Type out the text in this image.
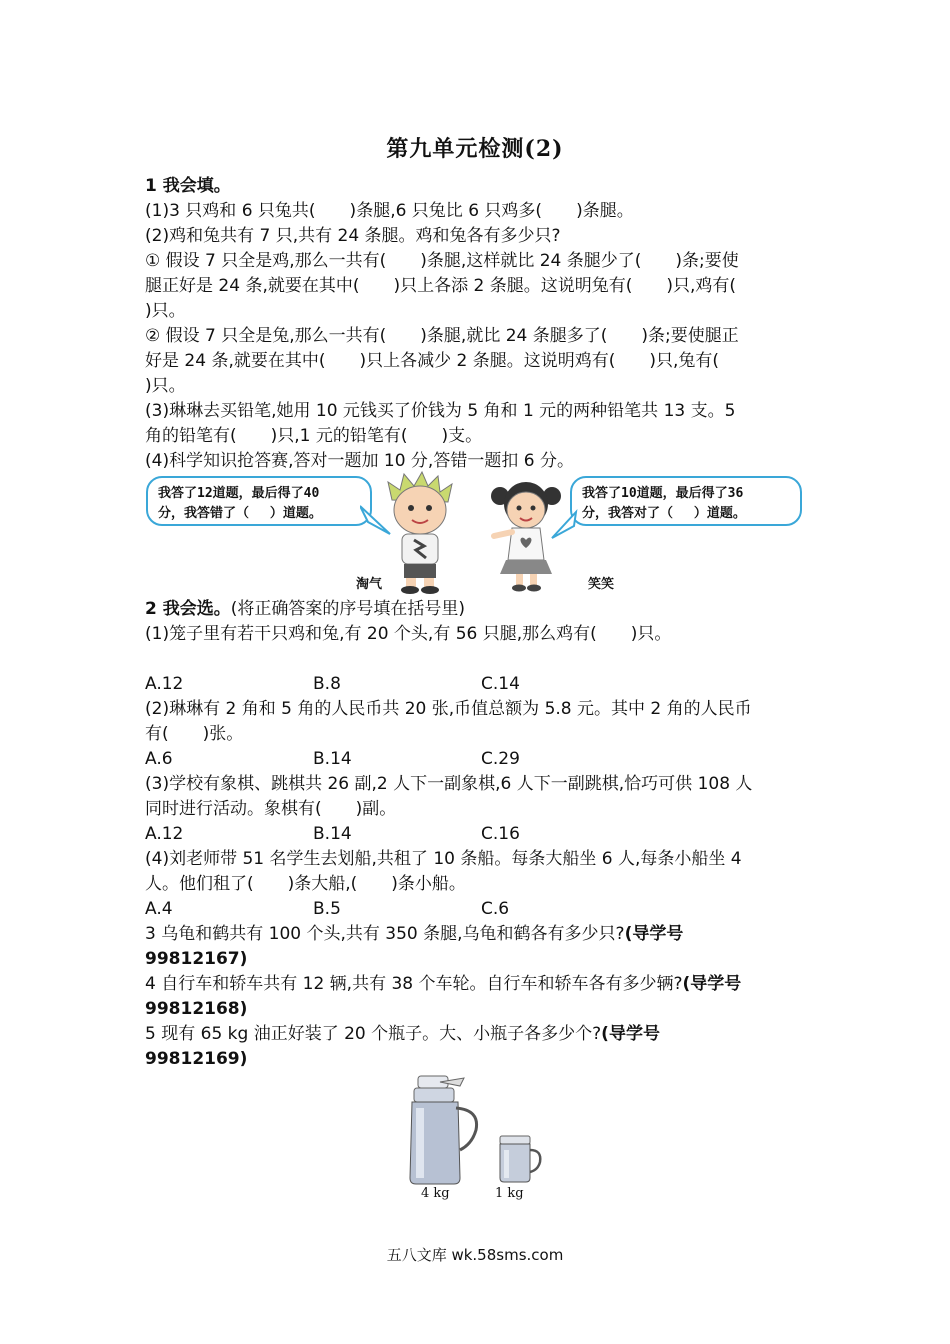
第九单元检测(2)
1 我会填。
(1)3 只鸡和 6 只兔共(　　)条腿,6 只兔比 6 只鸡多(　　)条腿。
(2)鸡和兔共有 7 只,共有 24 条腿。鸡和兔各有多少只?
① 假设 7 只全是鸡,那么一共有(　　)条腿,这样就比 24 条腿少了(　　)条;要使
腿正好是 24 条,就要在其中(　　)只上各添 2 条腿。这说明兔有(　　)只,鸡有(
)只。
② 假设 7 只全是兔,那么一共有(　　)条腿,就比 24 条腿多了(　　)条;要使腿正
好是 24 条,就要在其中(　　)只上各减少 2 条腿。这说明鸡有(　　)只,兔有(
)只。
(3)琳琳去买铅笔,她用 10 元钱买了价钱为 5 角和 1 元的两种铅笔共 13 支。5
角的铅笔有(　　)只,1 元的铅笔有(　　)支。
(4)科学知识抢答赛,答对一题加 10 分,答错一题扣 6 分。
我答了12道题，最后得了40
分，我答错了（　 ）道题。
我答了10道题，最后得了36
分，我答对了（　 ）道题。
淘气	笑笑
2 我会选。(将正确答案的序号填在括号里)
(1)笼子里有若干只鸡和兔,有 20 个头,有 56 只腿,那么鸡有(　　)只。
A.12	B.8	C.14
(2)琳琳有 2 角和 5 角的人民币共 20 张,币值总额为 5.8 元。其中 2 角的人民币
有(　　)张。
A.6	B.14	C.29
(3)学校有象棋、跳棋共 26 副,2 人下一副象棋,6 人下一副跳棋,恰巧可供 108 人
同时进行活动。象棋有(　　)副。
A.12	B.14	C.16
(4)刘老师带 51 名学生去划船,共租了 10 条船。每条大船坐 6 人,每条小船坐 4
人。他们租了(　　)条大船,(　　)条小船。
A.4	B.5	C.6
3 乌龟和鹤共有 100 个头,共有 350 条腿,乌龟和鹤各有多少只?(导学号
99812167)
4 自行车和轿车共有 12 辆,共有 38 个车轮。自行车和轿车各有多少辆?(导学号
99812168)
5 现有 65 kg 油正好装了 20 个瓶子。大、小瓶子各多少个?(导学号
99812169)
4 kg	1 kg
五八文库 wk.58sms.com
